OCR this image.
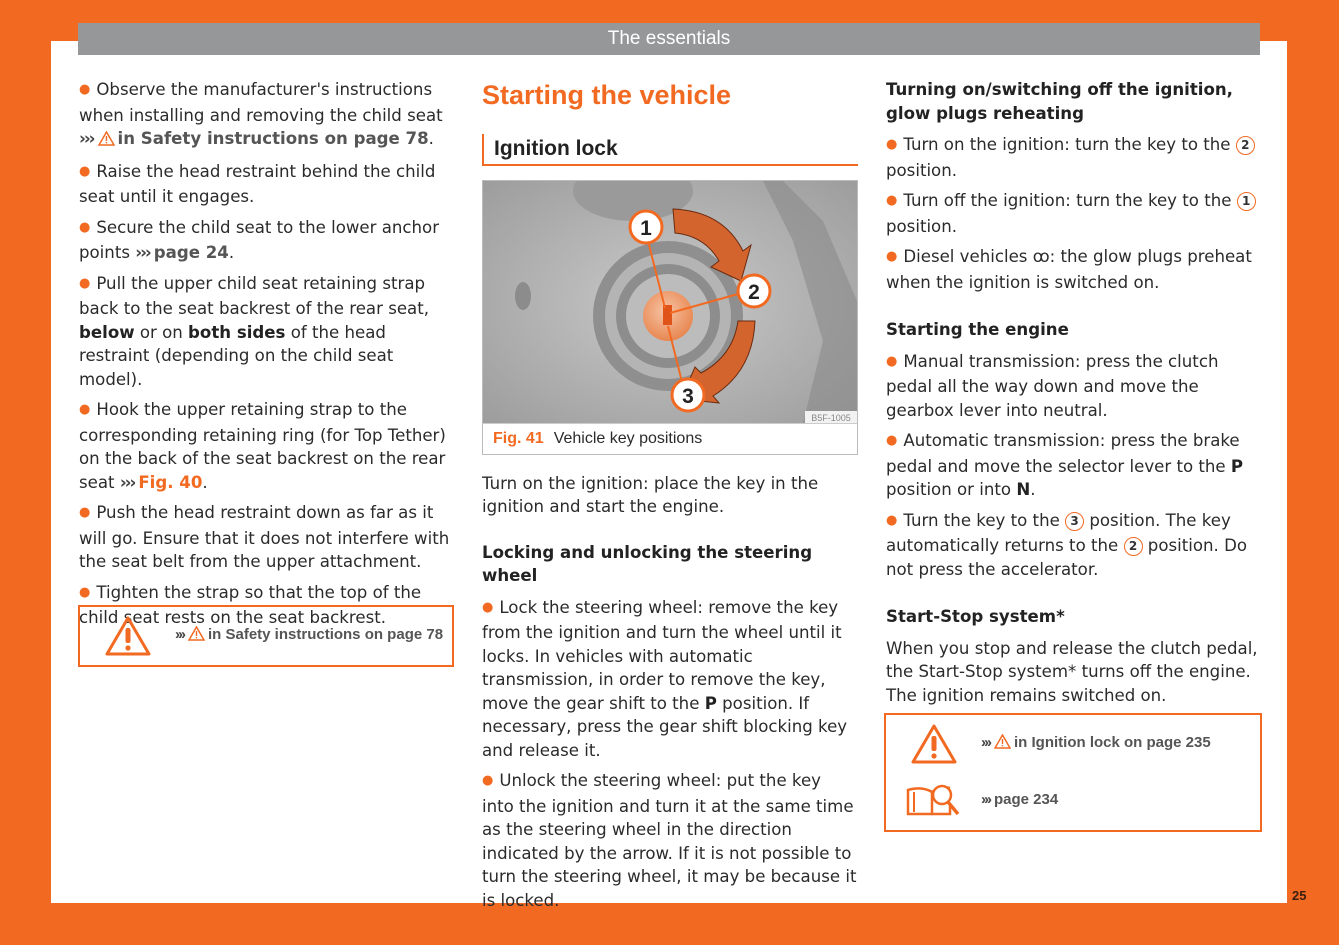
The essentials

● Observe the manufacturer's instructions when installing and removing the child seat ››› in Safety instructions on page 78.

● Raise the head restraint behind the child seat until it engages.

● Secure the child seat to the lower anchor points ››› page 24.

● Pull the upper child seat retaining strap back to the seat backrest of the rear seat, below or on both sides of the head restraint (depending on the child seat model).

● Hook the upper retaining strap to the corresponding retaining ring (for Top Tether) on the back of the seat backrest on the rear seat ››› Fig. 40.

● Push the head restraint down as far as it will go. Ensure that it does not interfere with the seat belt from the upper attachment.

● Tighten the strap so that the top of the child seat rests on the seat backrest.

››› in Safety instructions on page 78
Starting the vehicle
Ignition lock
1
2
3
B5F-1005
Fig. 41 Vehicle key positions

Turn on the ignition: place the key in the ignition and start the engine.

Locking and unlocking the steering wheel

● Lock the steering wheel: remove the key from the ignition and turn the wheel until it locks. In vehicles with automatic transmission, in order to remove the key, move the gear shift to the P position. If necessary, press the gear shift blocking key and release it.

● Unlock the steering wheel: put the key into the ignition and turn it at the same time as the steering wheel in the direction indicated by the arrow. If it is not possible to turn the steering wheel, it may be because it is locked.

Turning on/switching off the ignition, glow plugs reheating

● Turn on the ignition: turn the key to the 2 position.

● Turn off the ignition: turn the key to the 1 position.

● Diesel vehicles ꝏ: the glow plugs preheat when the ignition is switched on.

Starting the engine

● Manual transmission: press the clutch pedal all the way down and move the gearbox lever into neutral.

● Automatic transmission: press the brake pedal and move the selector lever to the P position or into N.

● Turn the key to the 3 position. The key automatically returns to the 2 position. Do not press the accelerator.

Start-Stop system*

When you stop and release the clutch pedal, the Start-Stop system* turns off the engine. The ignition remains switched on.

››› in Ignition lock on page 235
››› page 234
25
